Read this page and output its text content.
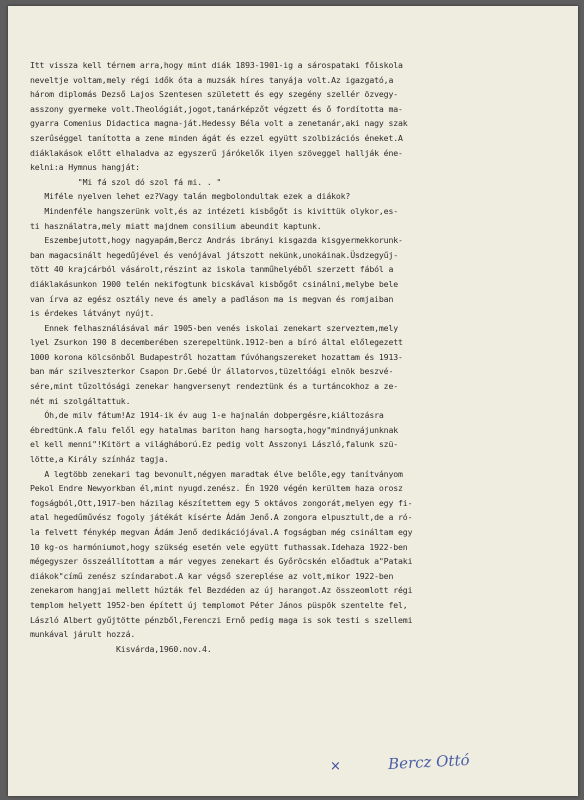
Itt vissza kell térnem arra,hogy mint diák 1893-1901-ig a sárospataki főiskola
neveltje voltam,mely régi idők óta a muzsák híres tanyája volt.Az igazgató,a
három diplomás Dezső Lajos Szentesen született és egy szegény szellér özvegy-
asszony gyermeke volt.Theológiát,jogot,tanárképzőt végzett és ő fordította ma-
gyarra Comenius Didactica magna-ját.Hedessy Béla volt a zenetanár,aki nagy szak
szerűséggel tanította a zene minden ágát és ezzel együtt szolbizációs éneket.A
diáklakások előtt elhaladva az egyszerű járókelők ilyen szöveggel hallják éne-
kelni:a Hymnus hangját:
"Mi fá szol dó szol fá mi. . "
Miféle nyelven lehet ez?Vagy talán megbolondultak ezek a diákok?
Mindenféle hangszerünk volt,és az intézeti kisbőgőt is kivittük olykor,es-
ti használatra,mely miatt majdnem consilium abeundit kaptunk.
Eszembejutott,hogy nagyapám,Bercz András ibrányi kisgazda kisgyermekkorunk-
ban magacsinált hegedűjével és venójával játszott nekünk,unokáinak.Üsdzegyűj-
tött 40 krajcárból vásárolt,részint az iskola tanműhelyéből szerzett fából a
diáklakásunkon 1900 telén nekifogtunk bicskával kisbőgőt csinálni,melybe bele
van írva az egész osztály neve és amely a padláson ma is megvan és romjaiban
is érdekes látványt nyújt.
Ennek felhasználásával már 1905-ben venés iskolai zenekart szerveztem,mely
lyel Zsurkon 190 8 decemberében szerepeltünk.1912-ben a bíró által előlegezett
1000 korona kölcsönből Budapestről hozattam fúvóhangszereket hozattam és 1913-
ban már szilveszterkor Csapon Dr.Gebé Úr állatorvos,tüzeltóági elnök beszvé-
sére,mint tűzoltósági zenekar hangversenyt rendeztünk és a turtáncokhoz a ze-
nét mi szolgáltattuk.
Óh,de milv fátum!Az 1914-ik év aug 1-e hajnalán dobpergésre,kiáltozásra
ébredtünk.A falu felől egy hatalmas bariton hang harsogta,hogy"mindnyájunknak
el kell menni"!Kitört a világháború.Ez pedig volt Asszonyi László,falunk szü-
lötte,a Király színház tagja.
A legtöbb zenekari tag bevonult,négyen maradtak élve belőle,egy tanítványom
Pekol Endre Newyorkban él,mint nyugd.zenész. Én 1920 végén kerültem haza orosz
fogságból,Ott,1917-ben házilag készítettem egy 5 oktávos zongorát,melyen egy fi-
atal hegedűművész fogoly játékát kísérte Ádám Jenő.A zongora elpusztult,de a ró-
la felvett fénykép megvan Ádám Jenő dedikációjával.A fogságban még csináltam egy
10 kg-os harmóniumot,hogy szükség esetén vele együtt futhassak.Idehaza 1922-ben
mégegyszer összeállítottam a már vegyes zenekart és Győröcskén előadtuk a"Pataki
diákok"című zenész színdarabot.A kar végső szereplése az volt,mikor 1922-ben
zenekarom hangjai mellett húzták fel Bezdéden az új harangot.Az összeomlott régi
templom helyett 1952-ben épített új templomot Péter János püspök szentelte fel,
László Albert gyűjtötte pénzből,Ferenczi Ernő pedig maga is sok testi s szellemi
munkával járult hozzá.
Kisvárda,1960.nov.4.
×	Bercz Ottó
